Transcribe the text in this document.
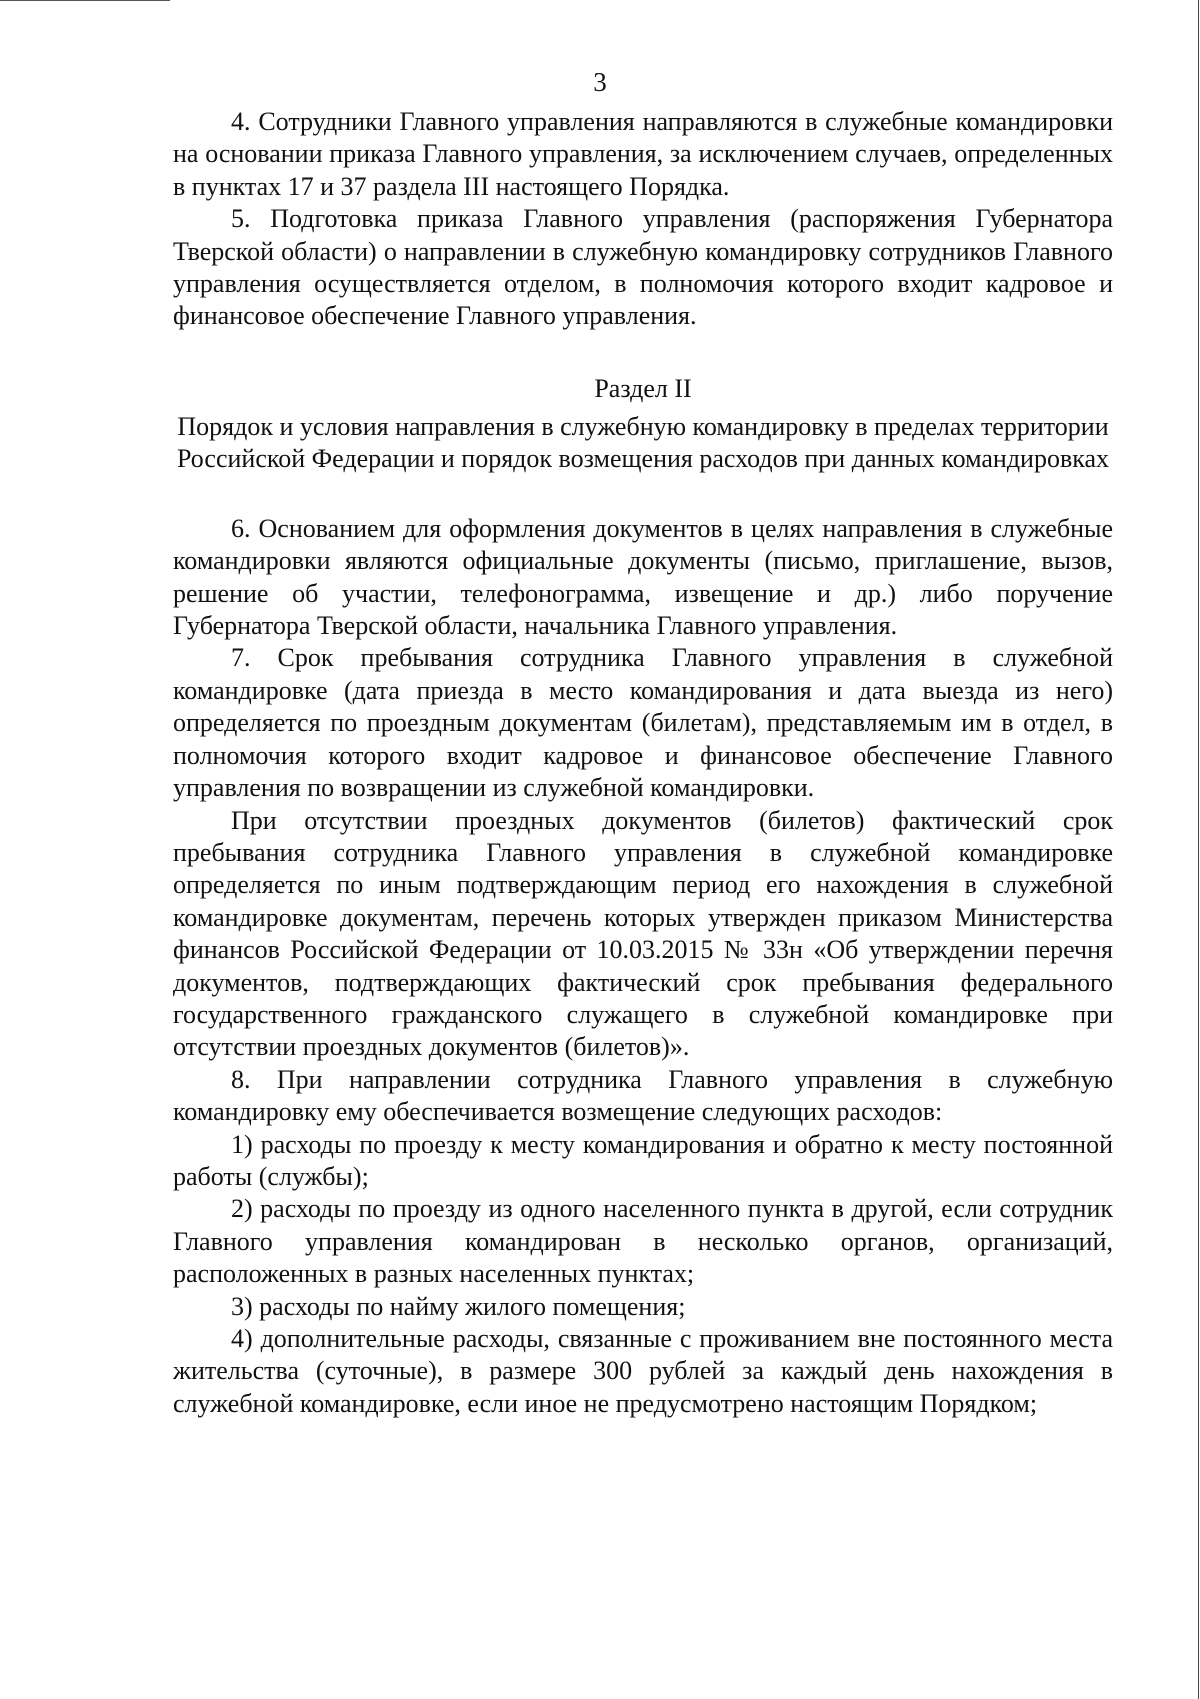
3

4. Сотрудники Главного управления направляются в служебные командировки на основании приказа Главного управления, за исключением случаев, определенных в пунктах 17 и 37 раздела III настоящего Порядка.

5. Подготовка приказа Главного управления (распоряжения Губернатора Тверской области) о направлении в служебную командировку сотрудников Главного управления осуществляется отделом, в полномочия которого входит кадровое и финансовое обеспечение Главного управления.

Раздел II

Порядок и условия направления в служебную командировку в пределах территории Российской Федерации и порядок возмещения расходов при данных командировках

6. Основанием для оформления документов в целях направления в служебные командировки являются официальные документы (письмо, приглашение, вызов, решение об участии, телефонограмма, извещение и др.) либо поручение Губернатора Тверской области, начальника Главного управления.

7. Срок пребывания сотрудника Главного управления в служебной командировке (дата приезда в место командирования и дата выезда из него) определяется по проездным документам (билетам), представляемым им в отдел, в полномочия которого входит кадровое и финансовое обеспечение Главного управления по возвращении из служебной командировки.

При отсутствии проездных документов (билетов) фактический срок пребывания сотрудника Главного управления в служебной командировке определяется по иным подтверждающим период его нахождения в служебной командировке документам, перечень которых утвержден приказом Министерства финансов Российской Федерации от 10.03.2015 № 33н «Об утверждении перечня документов, подтверждающих фактический срок пребывания федерального государственного гражданского служащего в служебной командировке при отсутствии проездных документов (билетов)».

8. При направлении сотрудника Главного управления в служебную командировку ему обеспечивается возмещение следующих расходов:

1) расходы по проезду к месту командирования и обратно к месту постоянной работы (службы);

2) расходы по проезду из одного населенного пункта в другой, если сотрудник Главного управления командирован в несколько органов, организаций, расположенных в разных населенных пунктах;

3) расходы по найму жилого помещения;

4) дополнительные расходы, связанные с проживанием вне постоянного места жительства (суточные), в размере 300 рублей за каждый день нахождения в служебной командировке, если иное не предусмотрено настоящим Порядком;
